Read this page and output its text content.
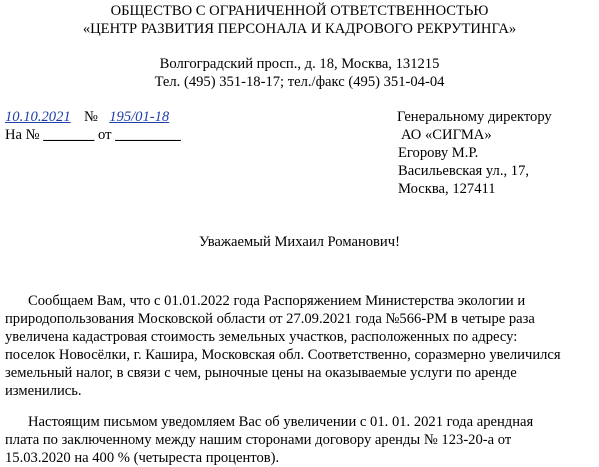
ОБЩЕСТВО С ОГРАНИЧЕННОЙ ОТВЕТСТВЕННОСТЬЮ
«ЦЕНТР РАЗВИТИЯ ПЕРСОНАЛА И КАДРОВОГО РЕКРУТИНГА»
Волгоградский просп., д. 18, Москва, 131215
Тел. (495) 351-18-17; тел./факс (495) 351-04-04
10.10.2021 № 195/01-18
На № _______ от _________
Генеральному директору
АО «СИГМА»
Егорову М.Р.
Васильевская ул., 17,
Москва, 127411
Уважаемый Михаил Романович!
Сообщаем Вам, что с 01.01.2022 года Распоряжением Министерства экологии и
природопользования Московской области от 27.09.2021 года №566-РМ в четыре раза
увеличена кадастровая стоимость земельных участков, расположенных по адресу:
поселок Новосёлки, г. Кашира, Московская обл. Соответственно, соразмерно увеличился
земельный налог, в связи с чем, рыночные цены на оказываемые услуги по аренде
изменились.
Настоящим письмом уведомляем Вас об увеличении с 01. 01. 2021 года арендная
плата по заключенному между нашим сторонами договору аренды № 123-20-а от
15.03.2020 на 400 % (четыреста процентов).
